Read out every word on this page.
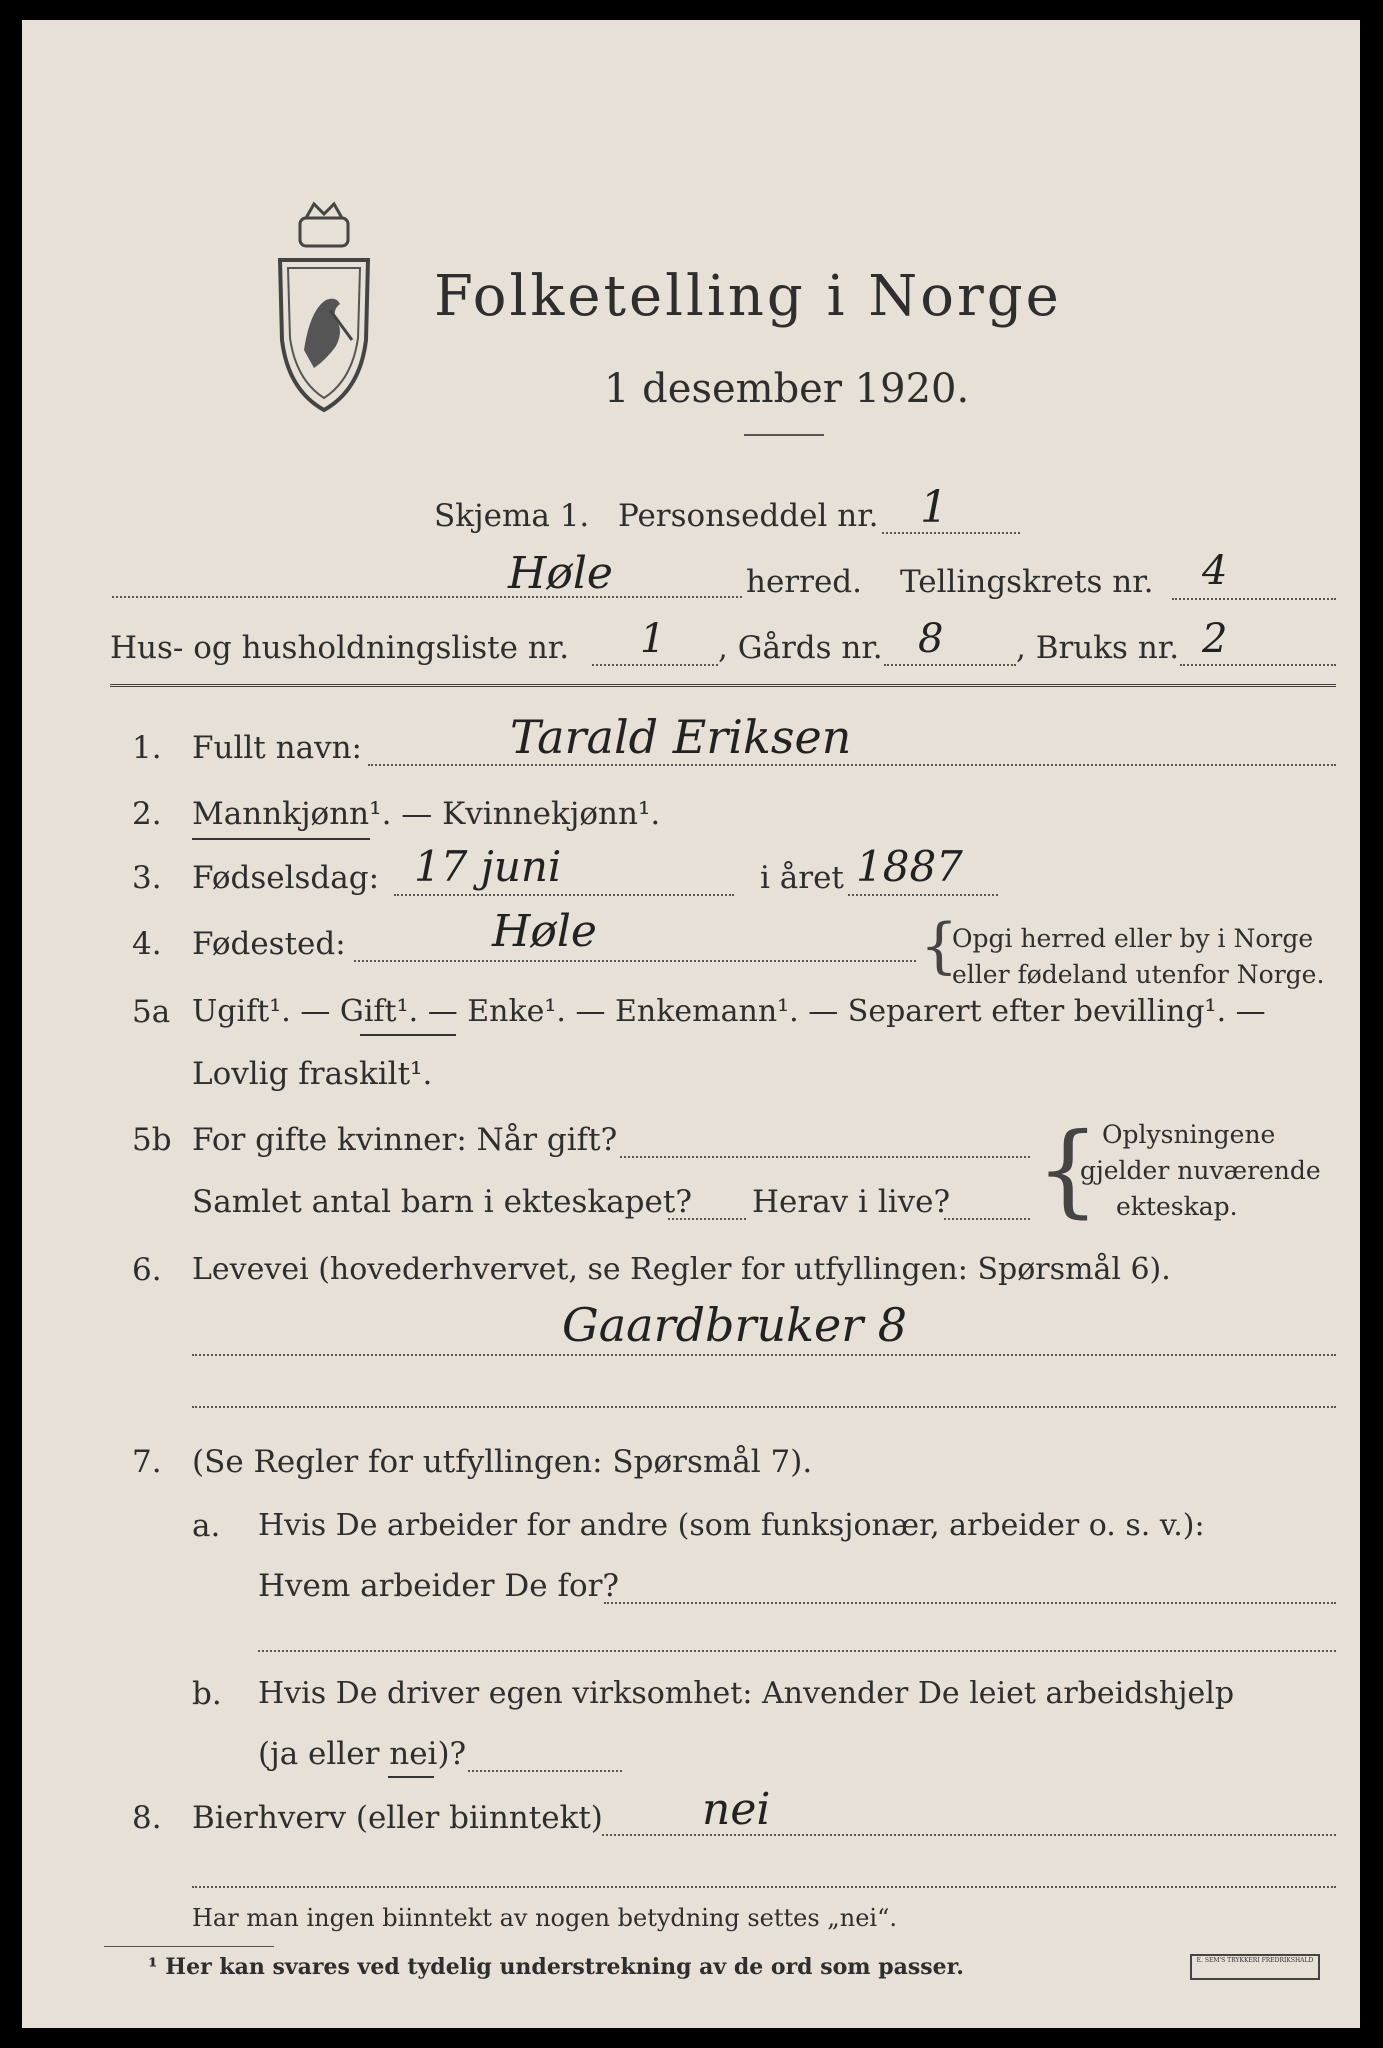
Folketelling i Norge
1 desember 1920.
Skjema 1. Personseddel nr. 1
Høle	herred. Tellingskrets nr. 4
Hus- og husholdningsliste nr. 1 , Gårds nr. 8 , Bruks nr. 2
1. Fullt navn:	Tarald Eriksen
2. Mannkjønn¹. — Kvinnekjønn¹.
3. Fødselsdag: 17 juni	i året 1887
4. Fødested:	Høle	{
Opgi herred eller by i Norge
eller fødeland utenfor Norge.
5a Ugift¹. — Gift¹. — Enke¹. — Enkemann¹. — Separert efter bevilling¹. —
Lovlig fraskilt¹.
5b For gifte kvinner: Når gift?
Samlet antal barn i ekteskapet? Herav i live? { Oplysningene
gjelder nuværende
ekteskap.
6. Levevei (hovederhvervet, se Regler for utfyllingen: Spørsmål 6).
Gaardbruker 8
7. (Se Regler for utfyllingen: Spørsmål 7).
a. Hvis De arbeider for andre (som funksjonær, arbeider o. s. v.):
Hvem arbeider De for?
b. Hvis De driver egen virksomhet: Anvender De leiet arbeidshjelp
(ja eller nei)?
8. Bierhverv (eller biinntekt) nei
Har man ingen biinntekt av nogen betydning settes „nei“.
¹ Her kan svares ved tydelig understrekning av de ord som passer.	E. SEM'S TRYKKERI FREDRIKSHALD
